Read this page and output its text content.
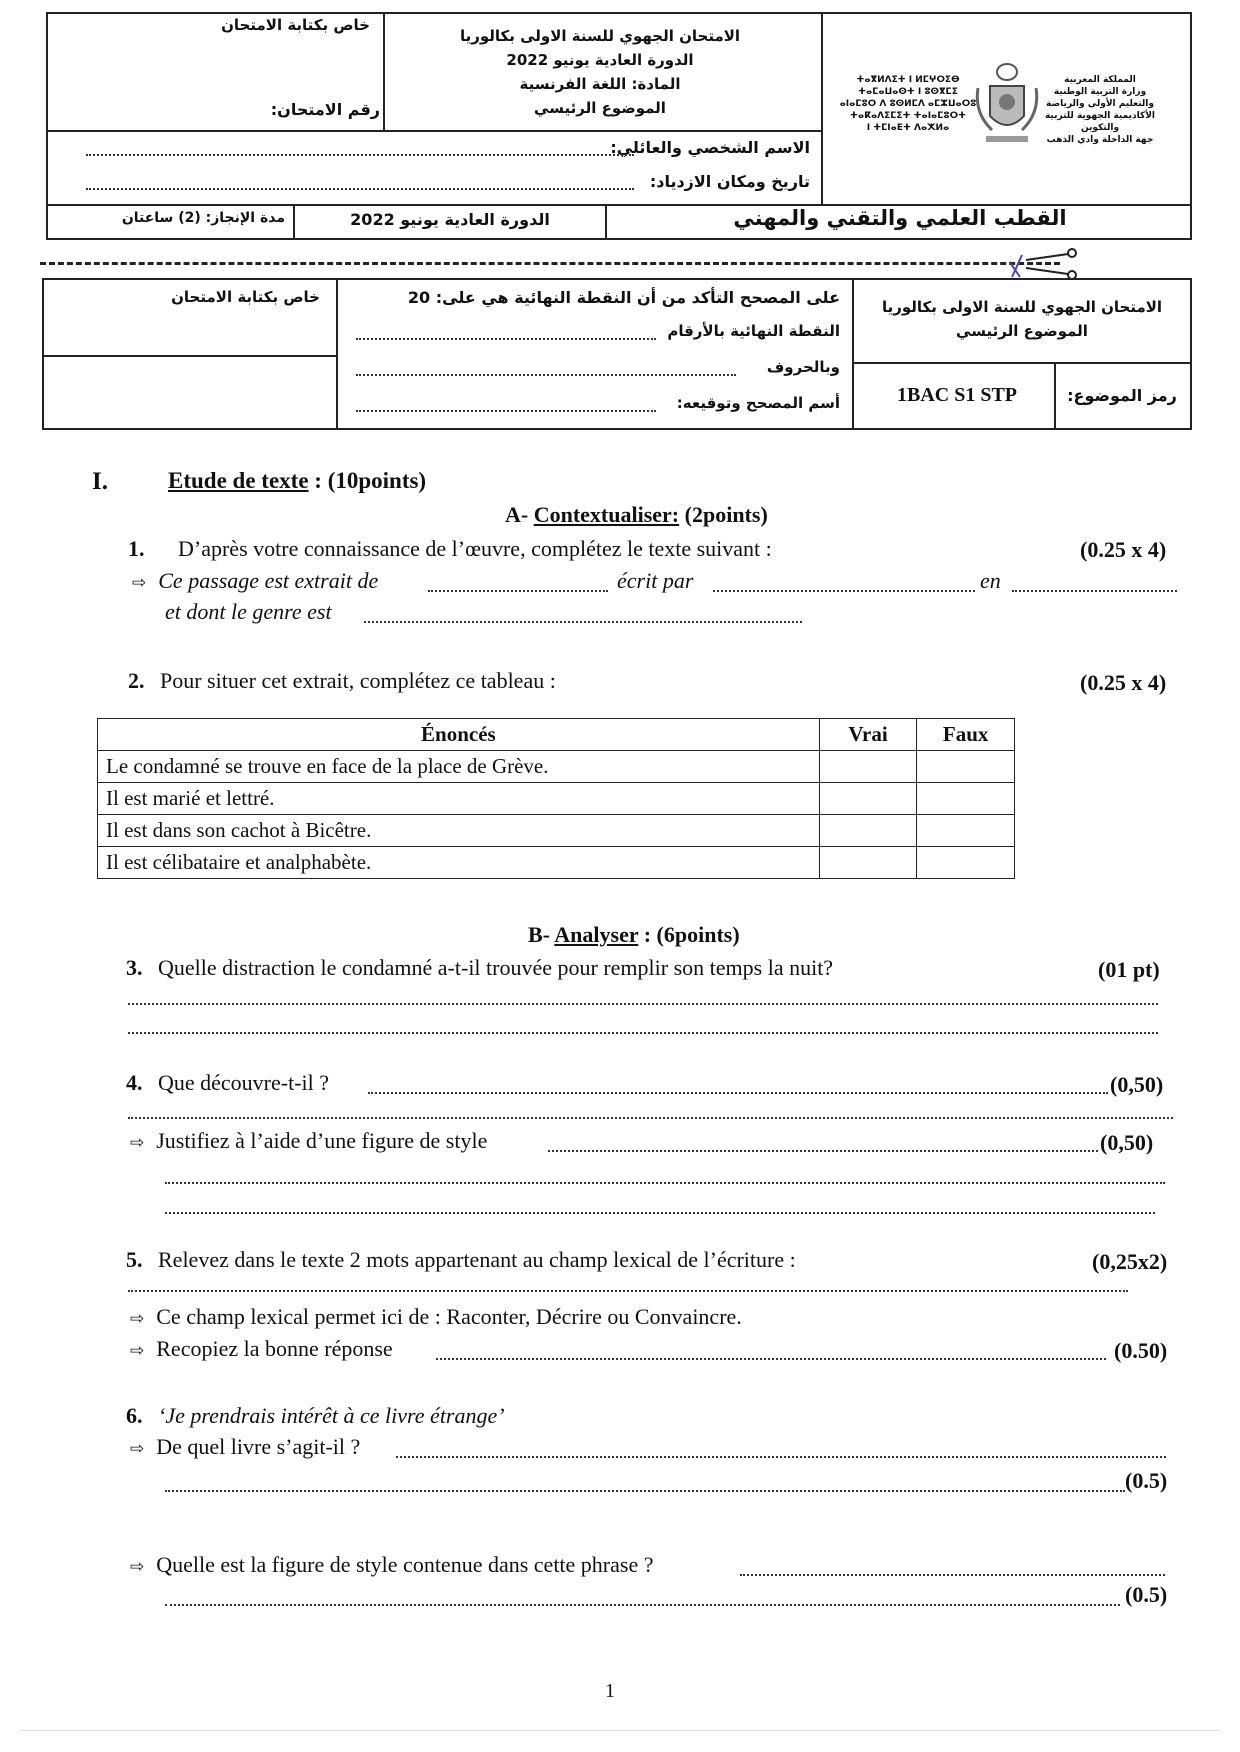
خاص بكتابة الامتحان
رقم الامتحان:
الامتحان الجهوي للسنة الاولى بكالوريا
الدورة العادية يونيو 2022
المادة: اللغة الفرنسية
الموضوع الرئيسي
ⵜⴰⴳⵍⴷⵉⵜ ⵏ ⵍⵎⵖⵔⵉⴱ
ⵜⴰⵎⴰⵡⴰⵙⵜ ⵏ ⵓⵙⴳⵎⵉ
ⴰⵏⴰⵎⵓⵔ ⴷ ⵓⵙⵍⵎⴷ ⴰⵎⵣⵡⴰⵔⵓ
ⵜⴰⴽⴰⴷⵉⵎⵉⵜ ⵜⴰⵏⴰⵎⵓⵔⵜ
ⵏ ⵜⵎⵏⴰⴹⵜ ⴷⴰⵅⵍⴰ
المملكة المغربية
وزارة التربية الوطنية
والتعليم الأولي والرياضة
الأكاديمية الجهوية للتربية والتكوين
جهة الداخلة وادي الذهب
الاسم الشخصي والعائلي:
تاريخ ومكان الازدياد:
مدة الإنجاز: (2) ساعتان	الدورة العادية يونيو 2022	القطب العلمي والتقني والمهني
خاص بكتابة الامتحان	على المصحح التأكد من أن النقطة النهائية هي على: 20
النقطة النهائية بالأرقام
وبالحروف
أسم المصحح وتوقيعه:
الامتحان الجهوي للسنة الاولى بكالوريا
الموضوع الرئيسي
1BAC S1 STP	رمز الموضوع:
I.	Etude de texte : (10points)
A- Contextualiser: (2points)
1. D’après votre connaissance de l’œuvre, complétez le texte suivant :	(0.25 x 4)
⇨ Ce passage est extrait de	écrit par	en
et dont le genre est
2. Pour situer cet extrait, complétez ce tableau :	(0.25 x 4)
Énoncés	Vrai	Faux
Le condamné se trouve en face de la place de Grève.		
Il est marié et lettré.		
Il est dans son cachot à Bicêtre.		
Il est célibataire et analphabète.		
B- Analyser : (6points)
3. Quelle distraction le condamné a-t-il trouvée pour remplir son temps la nuit?	(01 pt)
4. Que découvre-t-il ?	(0,50)
⇨ Justifiez à l’aide d’une figure de style	(0,50)
5. Relevez dans le texte 2 mots appartenant au champ lexical de l’écriture :	(0,25x2)
⇨ Ce champ lexical permet ici de : Raconter, Décrire ou Convaincre.
⇨ Recopiez la bonne réponse	(0.50)
6. ‘Je prendrais intérêt à ce livre étrange’
⇨ De quel livre s’agit-il ?
(0.5)
⇨ Quelle est la figure de style contenue dans cette phrase ?
(0.5)
1
